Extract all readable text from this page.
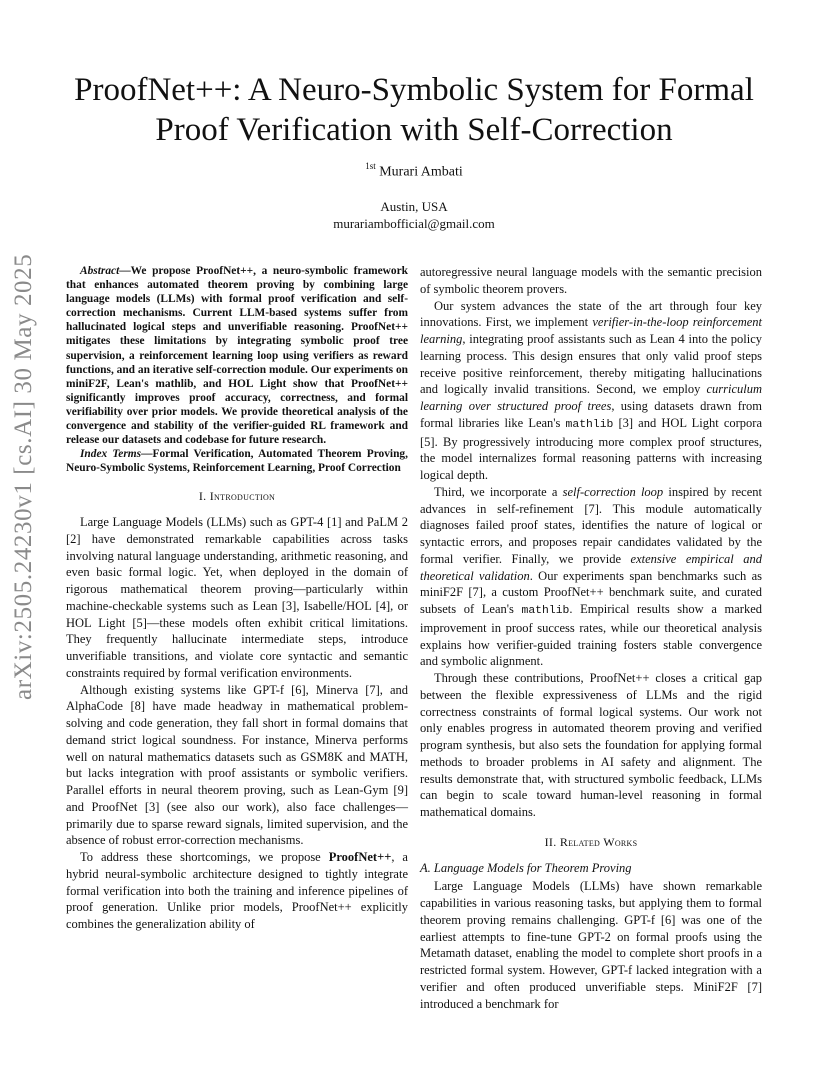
arXiv:2505.24230v1 [cs.AI] 30 May 2025
ProofNet++: A Neuro-Symbolic System for Formal Proof Verification with Self-Correction
$^{1st}$ Murari Ambati
Austin, USA
murariambofficial@gmail.com

Abstract—We propose ProofNet++, a neuro-symbolic framework that enhances automated theorem proving by combining large language models (LLMs) with formal proof verification and self-correction mechanisms. Current LLM-based systems suffer from hallucinated logical steps and unverifiable reasoning. ProofNet++ mitigates these limitations by integrating symbolic proof tree supervision, a reinforcement learning loop using verifiers as reward functions, and an iterative self-correction module. Our experiments on miniF2F, Lean's mathlib, and HOL Light show that ProofNet++ significantly improves proof accuracy, correctness, and formal verifiability over prior models. We provide theoretical analysis of the convergence and stability of the verifier-guided RL framework and release our datasets and codebase for future research.

Index Terms—Formal Verification, Automated Theorem Proving, Neuro-Symbolic Systems, Reinforcement Learning, Proof Correction

I. Introduction

Large Language Models (LLMs) such as GPT-4 [1] and PaLM 2 [2] have demonstrated remarkable capabilities across tasks involving natural language understanding, arithmetic reasoning, and even basic formal logic. Yet, when deployed in the domain of rigorous mathematical theorem proving—particularly within machine-checkable systems such as Lean [3], Isabelle/HOL [4], or HOL Light [5]—these models often exhibit critical limitations. They frequently hallucinate intermediate steps, introduce unverifiable transitions, and violate core syntactic and semantic constraints required by formal verification environments.

Although existing systems like GPT-f [6], Minerva [7], and AlphaCode [8] have made headway in mathematical problem-solving and code generation, they fall short in formal domains that demand strict logical soundness. For instance, Minerva performs well on natural mathematics datasets such as GSM8K and MATH, but lacks integration with proof assistants or symbolic verifiers. Parallel efforts in neural theorem proving, such as Lean-Gym [9] and ProofNet [3] (see also our work), also face challenges—primarily due to sparse reward signals, limited supervision, and the absence of robust error-correction mechanisms.

To address these shortcomings, we propose ProofNet++, a hybrid neural-symbolic architecture designed to tightly integrate formal verification into both the training and inference pipelines of proof generation. Unlike prior models, ProofNet++ explicitly combines the generalization ability of

autoregressive neural language models with the semantic precision of symbolic theorem provers.

Our system advances the state of the art through four key innovations. First, we implement verifier-in-the-loop reinforcement learning, integrating proof assistants such as Lean 4 into the policy learning process. This design ensures that only valid proof steps receive positive reinforcement, thereby mitigating hallucinations and logically invalid transitions. Second, we employ curriculum learning over structured proof trees, using datasets drawn from formal libraries like Lean's mathlib [3] and HOL Light corpora [5]. By progressively introducing more complex proof structures, the model internalizes formal reasoning patterns with increasing logical depth.

Third, we incorporate a self-correction loop inspired by recent advances in self-refinement [7]. This module automatically diagnoses failed proof states, identifies the nature of logical or syntactic errors, and proposes repair candidates validated by the formal verifier. Finally, we provide extensive empirical and theoretical validation. Our experiments span benchmarks such as miniF2F [7], a custom ProofNet++ benchmark suite, and curated subsets of Lean's mathlib. Empirical results show a marked improvement in proof success rates, while our theoretical analysis explains how verifier-guided training fosters stable convergence and symbolic alignment.

Through these contributions, ProofNet++ closes a critical gap between the flexible expressiveness of LLMs and the rigid correctness constraints of formal logical systems. Our work not only enables progress in automated theorem proving and verified program synthesis, but also sets the foundation for applying formal methods to broader problems in AI safety and alignment. The results demonstrate that, with structured symbolic feedback, LLMs can begin to scale toward human-level reasoning in formal mathematical domains.

II. Related Works
A. Language Models for Theorem Proving

Large Language Models (LLMs) have shown remarkable capabilities in various reasoning tasks, but applying them to formal theorem proving remains challenging. GPT-f [6] was one of the earliest attempts to fine-tune GPT-2 on formal proofs using the Metamath dataset, enabling the model to complete short proofs in a restricted formal system. However, GPT-f lacked integration with a verifier and often produced unverifiable steps. MiniF2F [7] introduced a benchmark for
